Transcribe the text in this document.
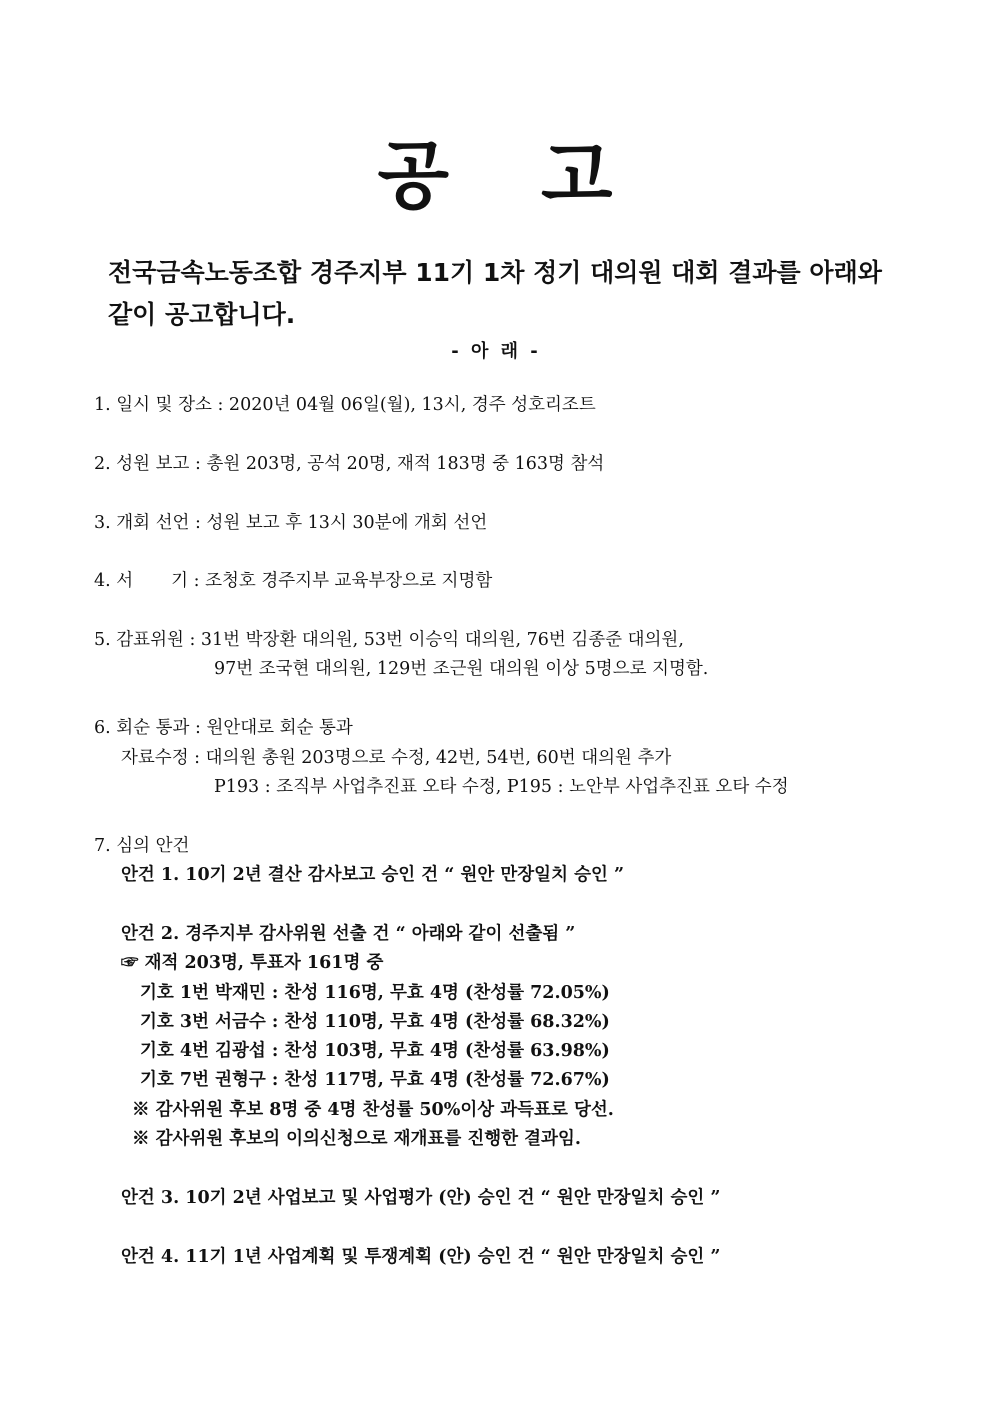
공 고
전국금속노동조합 경주지부 11기 1차 정기 대의원 대회 결과를 아래와
같이 공고합니다.
- 아 래 -
1. 일시 및 장소 : 2020년 04월 06일(월), 13시, 경주 성호리조트
2. 성원 보고 : 총원 203명, 공석 20명, 재적 183명 중 163명 참석
3. 개회 선언 : 성원 보고 후 13시 30분에 개회 선언
4. 서 기 : 조청호 경주지부 교육부장으로 지명함
5. 감표위원 : 31번 박장환 대의원, 53번 이승익 대의원, 76번 김종준 대의원,
97번 조국현 대의원, 129번 조근원 대의원 이상 5명으로 지명함.
6. 회순 통과 : 원안대로 회순 통과
자료수정 : 대의원 총원 203명으로 수정, 42번, 54번, 60번 대의원 추가
P193 : 조직부 사업추진표 오타 수정, P195 : 노안부 사업추진표 오타 수정
7. 심의 안건
안건 1. 10기 2년 결산 감사보고 승인 건 “ 원안 만장일치 승인 ”
안건 2. 경주지부 감사위원 선출 건 “ 아래와 같이 선출됨 ”
☞ 재적 203명, 투표자 161명 중
기호 1번 박재민 : 찬성 116명, 무효 4명 (찬성률 72.05%)
기호 3번 서금수 : 찬성 110명, 무효 4명 (찬성률 68.32%)
기호 4번 김광섭 : 찬성 103명, 무효 4명 (찬성률 63.98%)
기호 7번 권형구 : 찬성 117명, 무효 4명 (찬성률 72.67%)
※ 감사위원 후보 8명 중 4명 찬성률 50%이상 과득표로 당선.
※ 감사위원 후보의 이의신청으로 재개표를 진행한 결과임.
안건 3. 10기 2년 사업보고 및 사업평가 (안) 승인 건 “ 원안 만장일치 승인 ”
안건 4. 11기 1년 사업계획 및 투쟁계획 (안) 승인 건 “ 원안 만장일치 승인 ”
